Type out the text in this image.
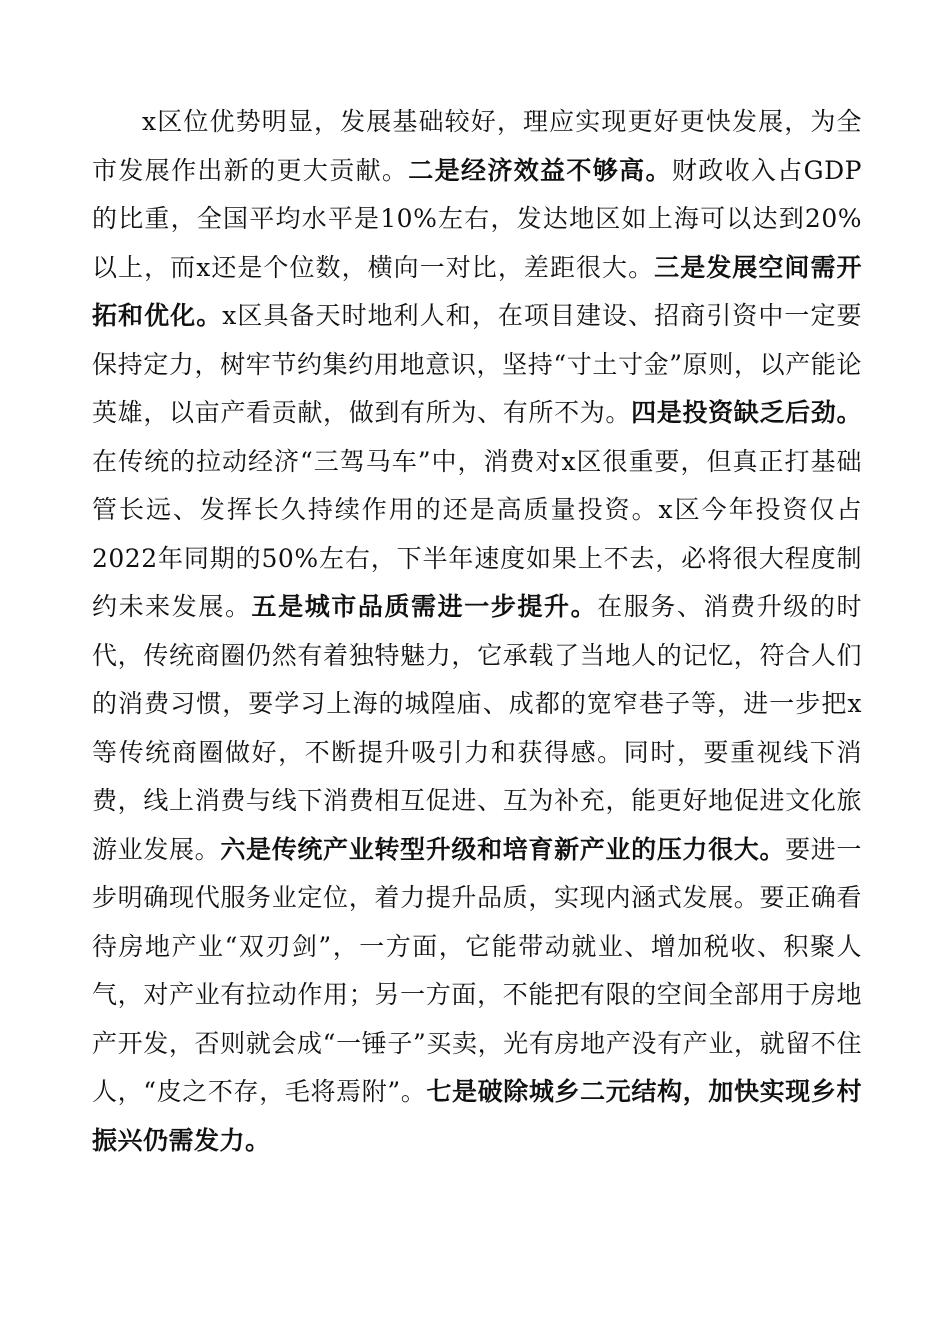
x区位优势明显，发展基础较好，理应实现更好更快发展，为全市发展作出新的更大贡献。二是经济效益不够高。财政收入占GDP的比重，全国平均水平是10%左右，发达地区如上海可以达到20%以上，而x还是个位数，横向一对比，差距很大。三是发展空间需开拓和优化。x区具备天时地利人和，在项目建设、招商引资中一定要保持定力，树牢节约集约用地意识，坚持“寸土寸金”原则，以产能论英雄，以亩产看贡献，做到有所为、有所不为。四是投资缺乏后劲。在传统的拉动经济“三驾马车”中，消费对x区很重要，但真正打基础管长远、发挥长久持续作用的还是高质量投资。x区今年投资仅占2022年同期的50%左右，下半年速度如果上不去，必将很大程度制约未来发展。五是城市品质需进一步提升。在服务、消费升级的时代，传统商圈仍然有着独特魅力，它承载了当地人的记忆，符合人们的消费习惯，要学习上海的城隍庙、成都的宽窄巷子等，进一步把x等传统商圈做好，不断提升吸引力和获得感。同时，要重视线下消费，线上消费与线下消费相互促进、互为补充，能更好地促进文化旅游业发展。六是传统产业转型升级和培育新产业的压力很大。要进一步明确现代服务业定位，着力提升品质，实现内涵式发展。要正确看待房地产业“双刃剑”，一方面，它能带动就业、增加税收、积聚人气，对产业有拉动作用；另一方面，不能把有限的空间全部用于房地产开发，否则就会成“一锤子”买卖，光有房地产没有产业，就留不住人，“皮之不存，毛将焉附”。七是破除城乡二元结构，加快实现乡村振兴仍需发力。
